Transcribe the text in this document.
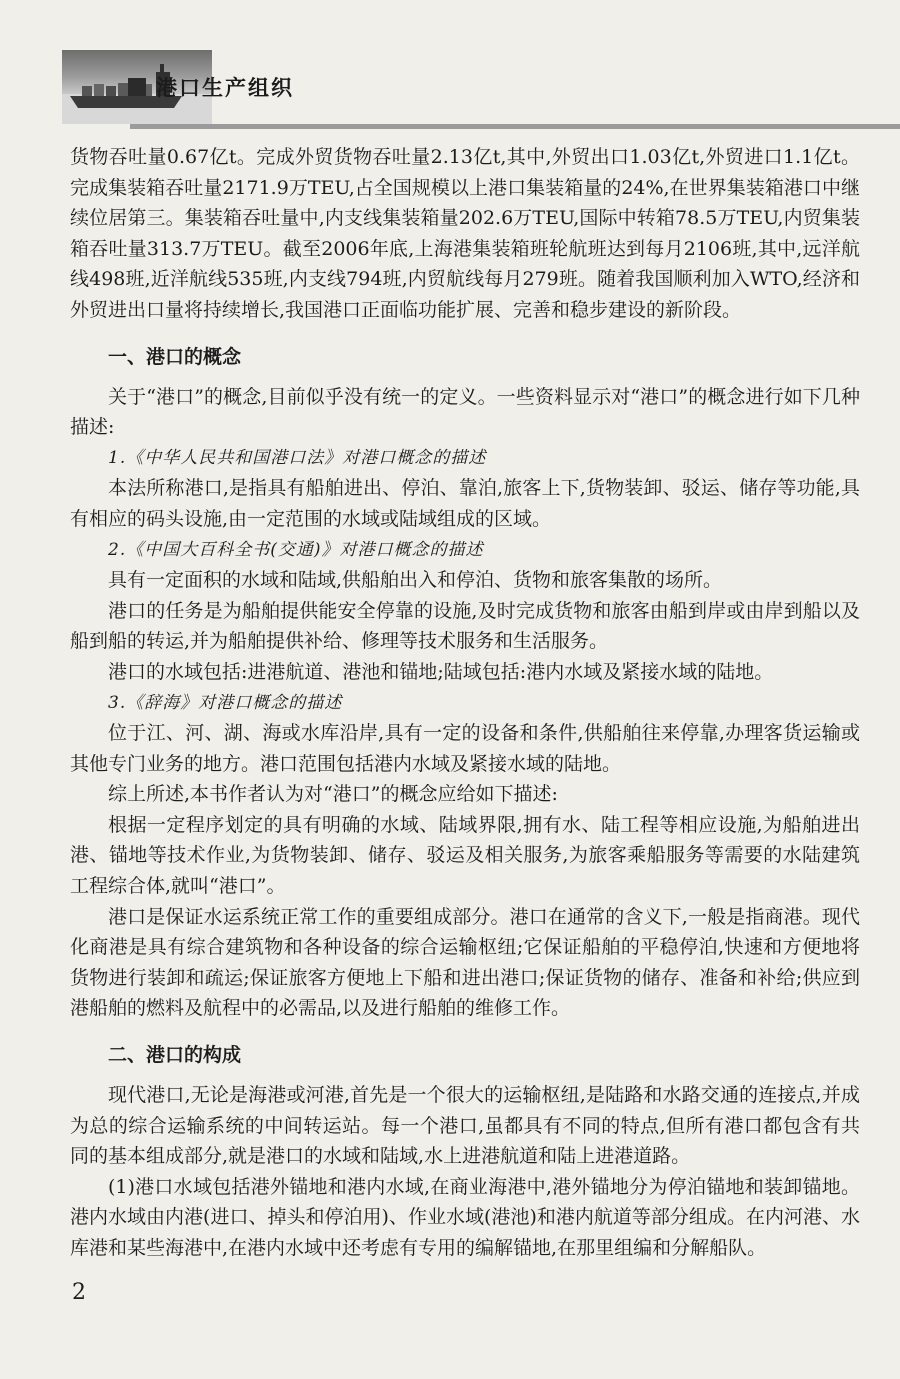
港口生产组织

货物吞吐量0.67亿t。完成外贸货物吞吐量2.13亿t,其中,外贸出口1.03亿t,外贸进口1.1亿t。完成集装箱吞吐量2171.9万TEU,占全国规模以上港口集装箱量的24%,在世界集装箱港口中继续位居第三。集装箱吞吐量中,内支线集装箱量202.6万TEU,国际中转箱78.5万TEU,内贸集装箱吞吐量313.7万TEU。截至2006年底,上海港集装箱班轮航班达到每月2106班,其中,远洋航线498班,近洋航线535班,内支线794班,内贸航线每月279班。随着我国顺利加入WTO,经济和外贸进出口量将持续增长,我国港口正面临功能扩展、完善和稳步建设的新阶段。

一、港口的概念

关于“港口”的概念,目前似乎没有统一的定义。一些资料显示对“港口”的概念进行如下几种描述:

1.《中华人民共和国港口法》对港口概念的描述

本法所称港口,是指具有船舶进出、停泊、靠泊,旅客上下,货物装卸、驳运、储存等功能,具有相应的码头设施,由一定范围的水域或陆域组成的区域。

2.《中国大百科全书(交通)》对港口概念的描述

具有一定面积的水域和陆域,供船舶出入和停泊、货物和旅客集散的场所。

港口的任务是为船舶提供能安全停靠的设施,及时完成货物和旅客由船到岸或由岸到船以及船到船的转运,并为船舶提供补给、修理等技术服务和生活服务。

港口的水域包括:进港航道、港池和锚地;陆域包括:港内水域及紧接水域的陆地。

3.《辞海》对港口概念的描述

位于江、河、湖、海或水库沿岸,具有一定的设备和条件,供船舶往来停靠,办理客货运输或其他专门业务的地方。港口范围包括港内水域及紧接水域的陆地。

综上所述,本书作者认为对“港口”的概念应给如下描述:

根据一定程序划定的具有明确的水域、陆域界限,拥有水、陆工程等相应设施,为船舶进出港、锚地等技术作业,为货物装卸、储存、驳运及相关服务,为旅客乘船服务等需要的水陆建筑工程综合体,就叫“港口”。

港口是保证水运系统正常工作的重要组成部分。港口在通常的含义下,一般是指商港。现代化商港是具有综合建筑物和各种设备的综合运输枢纽;它保证船舶的平稳停泊,快速和方便地将货物进行装卸和疏运;保证旅客方便地上下船和进出港口;保证货物的储存、准备和补给;供应到港船舶的燃料及航程中的必需品,以及进行船舶的维修工作。

二、港口的构成

现代港口,无论是海港或河港,首先是一个很大的运输枢纽,是陆路和水路交通的连接点,并成为总的综合运输系统的中间转运站。每一个港口,虽都具有不同的特点,但所有港口都包含有共同的基本组成部分,就是港口的水域和陆域,水上进港航道和陆上进港道路。

(1)港口水域包括港外锚地和港内水域,在商业海港中,港外锚地分为停泊锚地和装卸锚地。港内水域由内港(进口、掉头和停泊用)、作业水域(港池)和港内航道等部分组成。在内河港、水库港和某些海港中,在港内水域中还考虑有专用的编解锚地,在那里组编和分解船队。

2
